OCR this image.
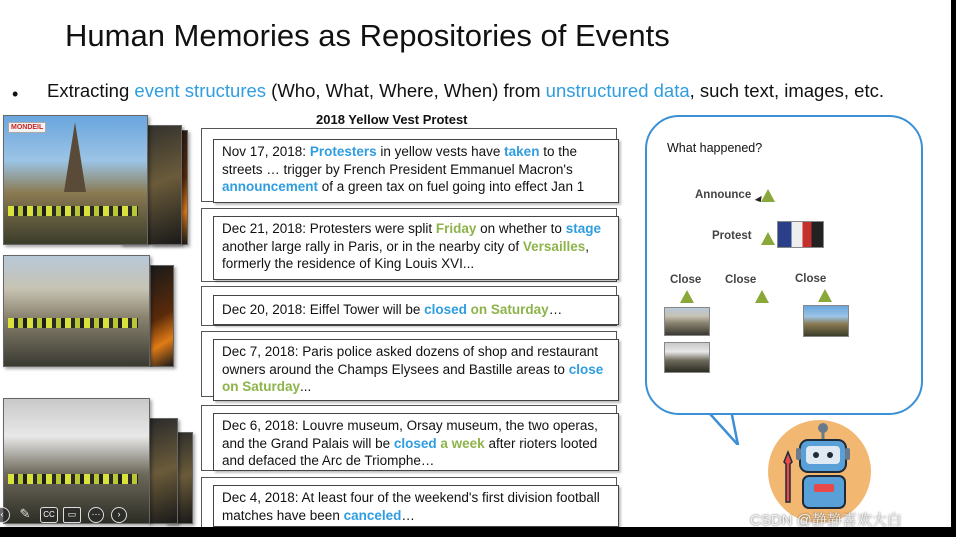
Human Memories as Repositories of Events
• Extracting event structures (Who, What, Where, When) from unstructured data, such text, images, etc.
MONDEIL
2018 Yellow Vest Protest
Nov 17, 2018: Protesters in yellow vests have taken to the streets … trigger by French President Emmanuel Macron's announcement of a green tax on fuel going into effect Jan 1
Dec 21, 2018: Protesters were split Friday on whether to stage another large rally in Paris, or in the nearby city of Versailles, formerly the residence of King Louis XVI...
Dec 20, 2018: Eiffel Tower will be closed on Saturday…
Dec 7, 2018: Paris police asked dozens of shop and restaurant owners around the Champs Elysees and Bastille areas to close on Saturday...
Dec 6, 2018: Louvre museum, Orsay museum, the two operas, and the Grand Palais will be closed a week after rioters looted and defaced the Arc de Triomphe…
Dec 4, 2018: At least four of the weekend's first division football matches have been canceled…
What happened?
Announce
Protest
Close Close	Close
‹	✎	CC	▭	⋯	›	CSDN @静静喜欢大白
